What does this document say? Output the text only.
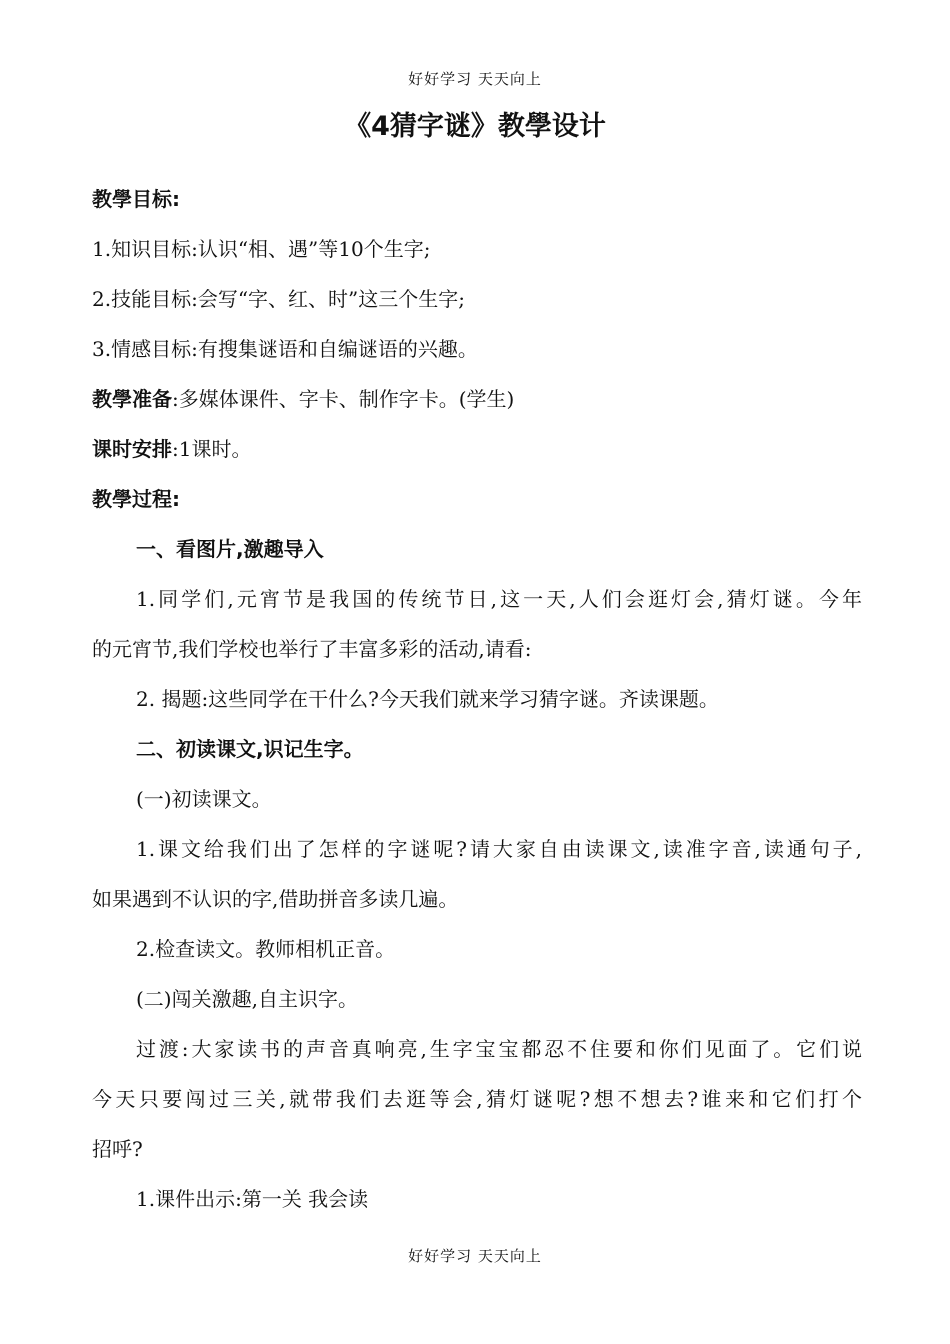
好好学习 天天向上
《4猜字谜》教學设计
教學目标:
1.知识目标:认识“相、遇”等10个生字;
2.技能目标:会写“字、红、时”这三个生字;
3.情感目标:有搜集谜语和自编谜语的兴趣。
教學准备:多媒体课件、字卡、制作字卡。(学生)
课时安排:1课时。
教學过程:
一、看图片,激趣导入
1.同学们,元宵节是我国的传统节日,这一天,人们会逛灯会,猜灯谜。今年
的元宵节,我们学校也举行了丰富多彩的活动,请看:
2. 揭题:这些同学在干什么?今天我们就来学习猜字谜。齐读课题。
二、初读课文,识记生字。
(一)初读课文。
1.课文给我们出了怎样的字谜呢?请大家自由读课文,读准字音,读通句子,
如果遇到不认识的字,借助拼音多读几遍。
2.检查读文。教师相机正音。
(二)闯关激趣,自主识字。
过渡:大家读书的声音真响亮,生字宝宝都忍不住要和你们见面了。它们说
今天只要闯过三关,就带我们去逛等会,猜灯谜呢?想不想去?谁来和它们打个
招呼?
1.课件出示:第一关 我会读
好好学习 天天向上
